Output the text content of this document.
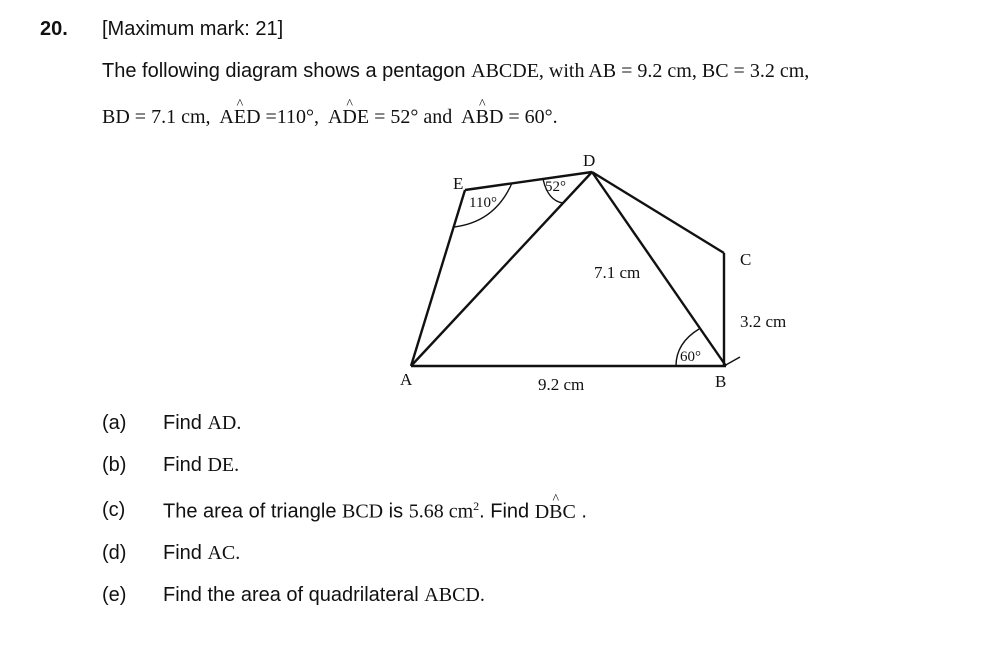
20. [Maximum mark: 21]
The following diagram shows a pentagon ABCDE, with AB = 9.2 cm, BC = 3.2 cm,
BD = 7.1 cm, A^ ED =110°, A^ DE = 52° and A^ BD = 60°.
A	B
C
D
E
9.2 cm
7.1 cm
3.2 cm
110°
52°
60°
(a) Find AD.
(b) Find DE.
(c) The area of triangle BCD is 5.68 $cm^2$. Find D^ BC .
(d) Find AC.
(e) Find the area of quadrilateral ABCD.
